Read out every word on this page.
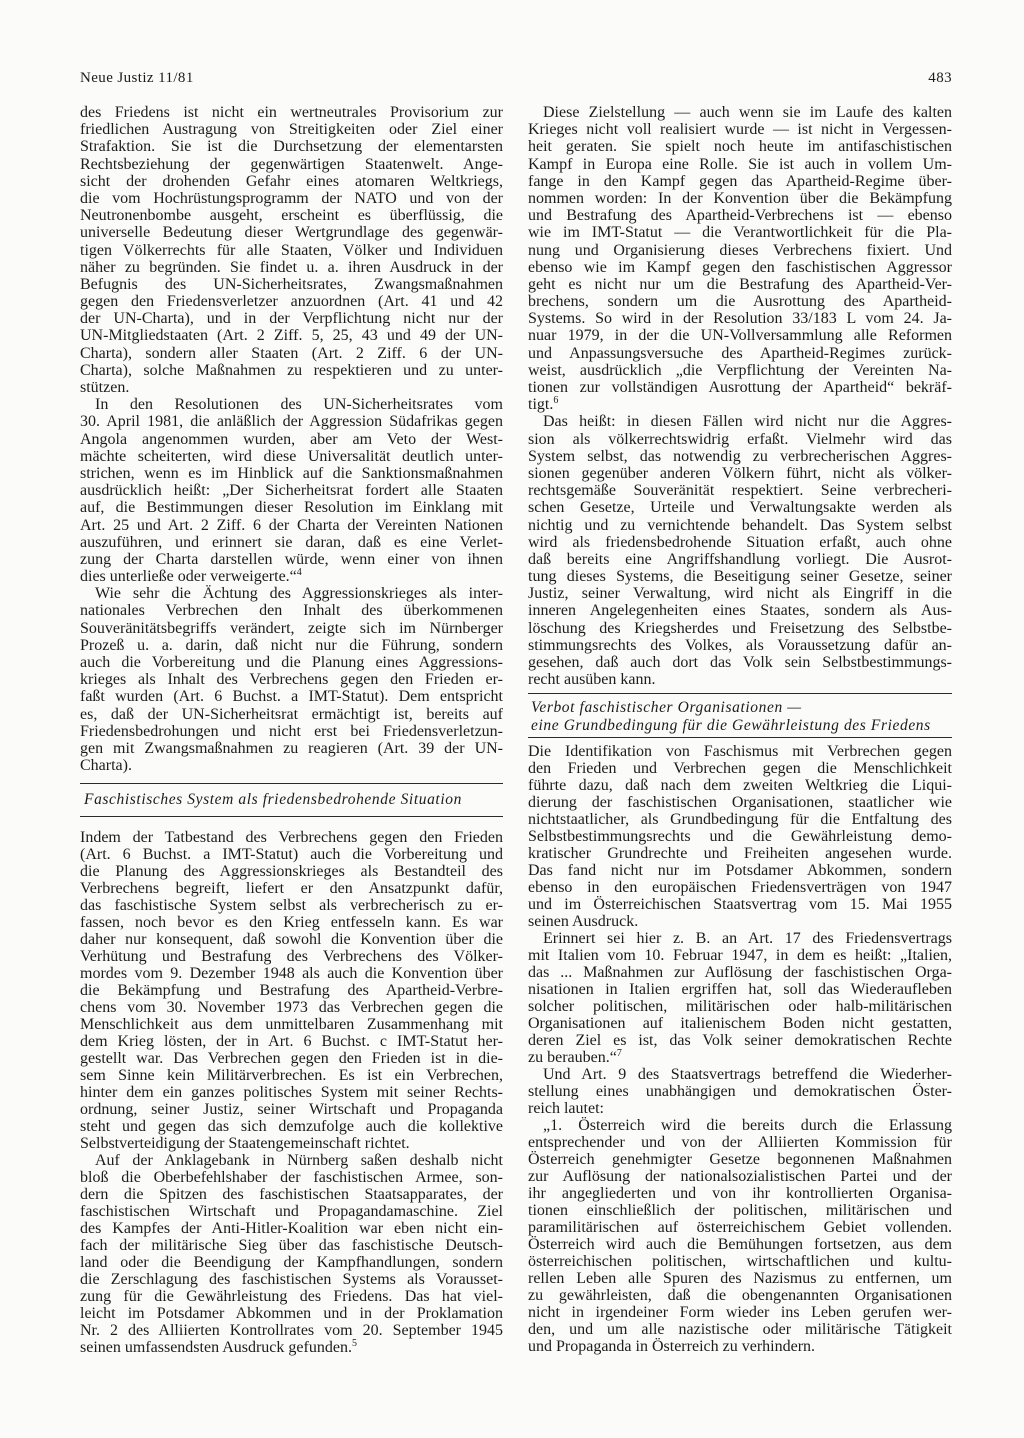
Neue Justiz 11/81	483
des Friedens ist nicht ein wertneutrales Provisorium zur
friedlichen Austragung von Streitigkeiten oder Ziel einer
Strafaktion. Sie ist die Durchsetzung der elementarsten
Rechtsbeziehung der gegenwärtigen Staatenwelt. Ange-
sicht der drohenden Gefahr eines atomaren Weltkriegs,
die vom Hochrüstungsprogramm der NATO und von der
Neutronenbombe ausgeht, erscheint es überflüssig, die
universelle Bedeutung dieser Wertgrundlage des gegenwär-
tigen Völkerrechts für alle Staaten, Völker und Individuen
näher zu begründen. Sie findet u. a. ihren Ausdruck in der
Befugnis des UN-Sicherheitsrates, Zwangsmaßnahmen
gegen den Friedensverletzer anzuordnen (Art. 41 und 42
der UN-Charta), und in der Verpflichtung nicht nur der
UN-Mitgliedstaaten (Art. 2 Ziff. 5, 25, 43 und 49 der UN-
Charta), sondern aller Staaten (Art. 2 Ziff. 6 der UN-
Charta), solche Maßnahmen zu respektieren und zu unter-
stützen.
In den Resolutionen des UN-Sicherheitsrates vom
30. April 1981, die anläßlich der Aggression Südafrikas gegen
Angola angenommen wurden, aber am Veto der West-
mächte scheiterten, wird diese Universalität deutlich unter-
strichen, wenn es im Hinblick auf die Sanktionsmaßnahmen
ausdrücklich heißt: „Der Sicherheitsrat fordert alle Staaten
auf, die Bestimmungen dieser Resolution im Einklang mit
Art. 25 und Art. 2 Ziff. 6 der Charta der Vereinten Nationen
auszuführen, und erinnert sie daran, daß es eine Verlet-
zung der Charta darstellen würde, wenn einer von ihnen
dies unterließe oder verweigerte.“$^4$
Wie sehr die Ächtung des Aggressionskrieges als inter-
nationales Verbrechen den Inhalt des überkommenen
Souveränitätsbegriffs verändert, zeigte sich im Nürnberger
Prozeß u. a. darin, daß nicht nur die Führung, sondern
auch die Vorbereitung und die Planung eines Aggressions-
krieges als Inhalt des Verbrechens gegen den Frieden er-
faßt wurden (Art. 6 Buchst. a IMT-Statut). Dem entspricht
es, daß der UN-Sicherheitsrat ermächtigt ist, bereits auf
Friedensbedrohungen und nicht erst bei Friedensverletzun-
gen mit Zwangsmaßnahmen zu reagieren (Art. 39 der UN-
Charta).
Faschistisches System als friedensbedrohende Situation
Indem der Tatbestand des Verbrechens gegen den Frieden
(Art. 6 Buchst. a IMT-Statut) auch die Vorbereitung und
die Planung des Aggressionskrieges als Bestandteil des
Verbrechens begreift, liefert er den Ansatzpunkt dafür,
das faschistische System selbst als verbrecherisch zu er-
fassen, noch bevor es den Krieg entfesseln kann. Es war
daher nur konsequent, daß sowohl die Konvention über die
Verhütung und Bestrafung des Verbrechens des Völker-
mordes vom 9. Dezember 1948 als auch die Konvention über
die Bekämpfung und Bestrafung des Apartheid-Verbre-
chens vom 30. November 1973 das Verbrechen gegen die
Menschlichkeit aus dem unmittelbaren Zusammenhang mit
dem Krieg lösten, der in Art. 6 Buchst. c IMT-Statut her-
gestellt war. Das Verbrechen gegen den Frieden ist in die-
sem Sinne kein Militärverbrechen. Es ist ein Verbrechen,
hinter dem ein ganzes politisches System mit seiner Rechts-
ordnung, seiner Justiz, seiner Wirtschaft und Propaganda
steht und gegen das sich demzufolge auch die kollektive
Selbstverteidigung der Staatengemeinschaft richtet.
Auf der Anklagebank in Nürnberg saßen deshalb nicht
bloß die Oberbefehlshaber der faschistischen Armee, son-
dern die Spitzen des faschistischen Staatsapparates, der
faschistischen Wirtschaft und Propagandamaschine. Ziel
des Kampfes der Anti-Hitler-Koalition war eben nicht ein-
fach der militärische Sieg über das faschistische Deutsch-
land oder die Beendigung der Kampfhandlungen, sondern
die Zerschlagung des faschistischen Systems als Vorausset-
zung für die Gewährleistung des Friedens. Das hat viel-
leicht im Potsdamer Abkommen und in der Proklamation
Nr. 2 des Alliierten Kontrollrates vom 20. September 1945
seinen umfassendsten Ausdruck gefunden.$^5$
Diese Zielstellung — auch wenn sie im Laufe des kalten
Krieges nicht voll realisiert wurde — ist nicht in Vergessen-
heit geraten. Sie spielt noch heute im antifaschistischen
Kampf in Europa eine Rolle. Sie ist auch in vollem Um-
fange in den Kampf gegen das Apartheid-Regime über-
nommen worden: In der Konvention über die Bekämpfung
und Bestrafung des Apartheid-Verbrechens ist — ebenso
wie im IMT-Statut — die Verantwortlichkeit für die Pla-
nung und Organisierung dieses Verbrechens fixiert. Und
ebenso wie im Kampf gegen den faschistischen Aggressor
geht es nicht nur um die Bestrafung des Apartheid-Ver-
brechens, sondern um die Ausrottung des Apartheid-
Systems. So wird in der Resolution 33/183 L vom 24. Ja-
nuar 1979, in der die UN-Vollversammlung alle Reformen
und Anpassungsversuche des Apartheid-Regimes zurück-
weist, ausdrücklich „die Verpflichtung der Vereinten Na-
tionen zur vollständigen Ausrottung der Apartheid“ bekräf-
tigt.$^6$
Das heißt: in diesen Fällen wird nicht nur die Aggres-
sion als völkerrechtswidrig erfaßt. Vielmehr wird das
System selbst, das notwendig zu verbrecherischen Aggres-
sionen gegenüber anderen Völkern führt, nicht als völker-
rechtsgemäße Souveränität respektiert. Seine verbrecheri-
schen Gesetze, Urteile und Verwaltungsakte werden als
nichtig und zu vernichtende behandelt. Das System selbst
wird als friedensbedrohende Situation erfaßt, auch ohne
daß bereits eine Angriffshandlung vorliegt. Die Ausrot-
tung dieses Systems, die Beseitigung seiner Gesetze, seiner
Justiz, seiner Verwaltung, wird nicht als Eingriff in die
inneren Angelegenheiten eines Staates, sondern als Aus-
löschung des Kriegsherdes und Freisetzung des Selbstbe-
stimmungsrechts des Volkes, als Voraussetzung dafür an-
gesehen, daß auch dort das Volk sein Selbstbestimmungs-
recht ausüben kann.
Verbot faschistischer Organisationen —
eine Grundbedingung für die Gewährleistung des Friedens
Die Identifikation von Faschismus mit Verbrechen gegen
den Frieden und Verbrechen gegen die Menschlichkeit
führte dazu, daß nach dem zweiten Weltkrieg die Liqui-
dierung der faschistischen Organisationen, staatlicher wie
nichtstaatlicher, als Grundbedingung für die Entfaltung des
Selbstbestimmungsrechts und die Gewährleistung demo-
kratischer Grundrechte und Freiheiten angesehen wurde.
Das fand nicht nur im Potsdamer Abkommen, sondern
ebenso in den europäischen Friedensverträgen von 1947
und im Österreichischen Staatsvertrag vom 15. Mai 1955
seinen Ausdruck.
Erinnert sei hier z. B. an Art. 17 des Friedensvertrags
mit Italien vom 10. Februar 1947, in dem es heißt: „Italien,
das ... Maßnahmen zur Auflösung der faschistischen Orga-
nisationen in Italien ergriffen hat, soll das Wiederaufleben
solcher politischen, militärischen oder halb-militärischen
Organisationen auf italienischem Boden nicht gestatten,
deren Ziel es ist, das Volk seiner demokratischen Rechte
zu berauben.“$^7$
Und Art. 9 des Staatsvertrags betreffend die Wiederher-
stellung eines unabhängigen und demokratischen Öster-
reich lautet:
„1. Österreich wird die bereits durch die Erlassung
entsprechender und von der Alliierten Kommission für
Österreich genehmigter Gesetze begonnenen Maßnahmen
zur Auflösung der nationalsozialistischen Partei und der
ihr angegliederten und von ihr kontrollierten Organisa-
tionen einschließlich der politischen, militärischen und
paramilitärischen auf österreichischem Gebiet vollenden.
Österreich wird auch die Bemühungen fortsetzen, aus dem
österreichischen politischen, wirtschaftlichen und kultu-
rellen Leben alle Spuren des Nazismus zu entfernen, um
zu gewährleisten, daß die obengenannten Organisationen
nicht in irgendeiner Form wieder ins Leben gerufen wer-
den, und um alle nazistische oder militärische Tätigkeit
und Propaganda in Österreich zu verhindern.
